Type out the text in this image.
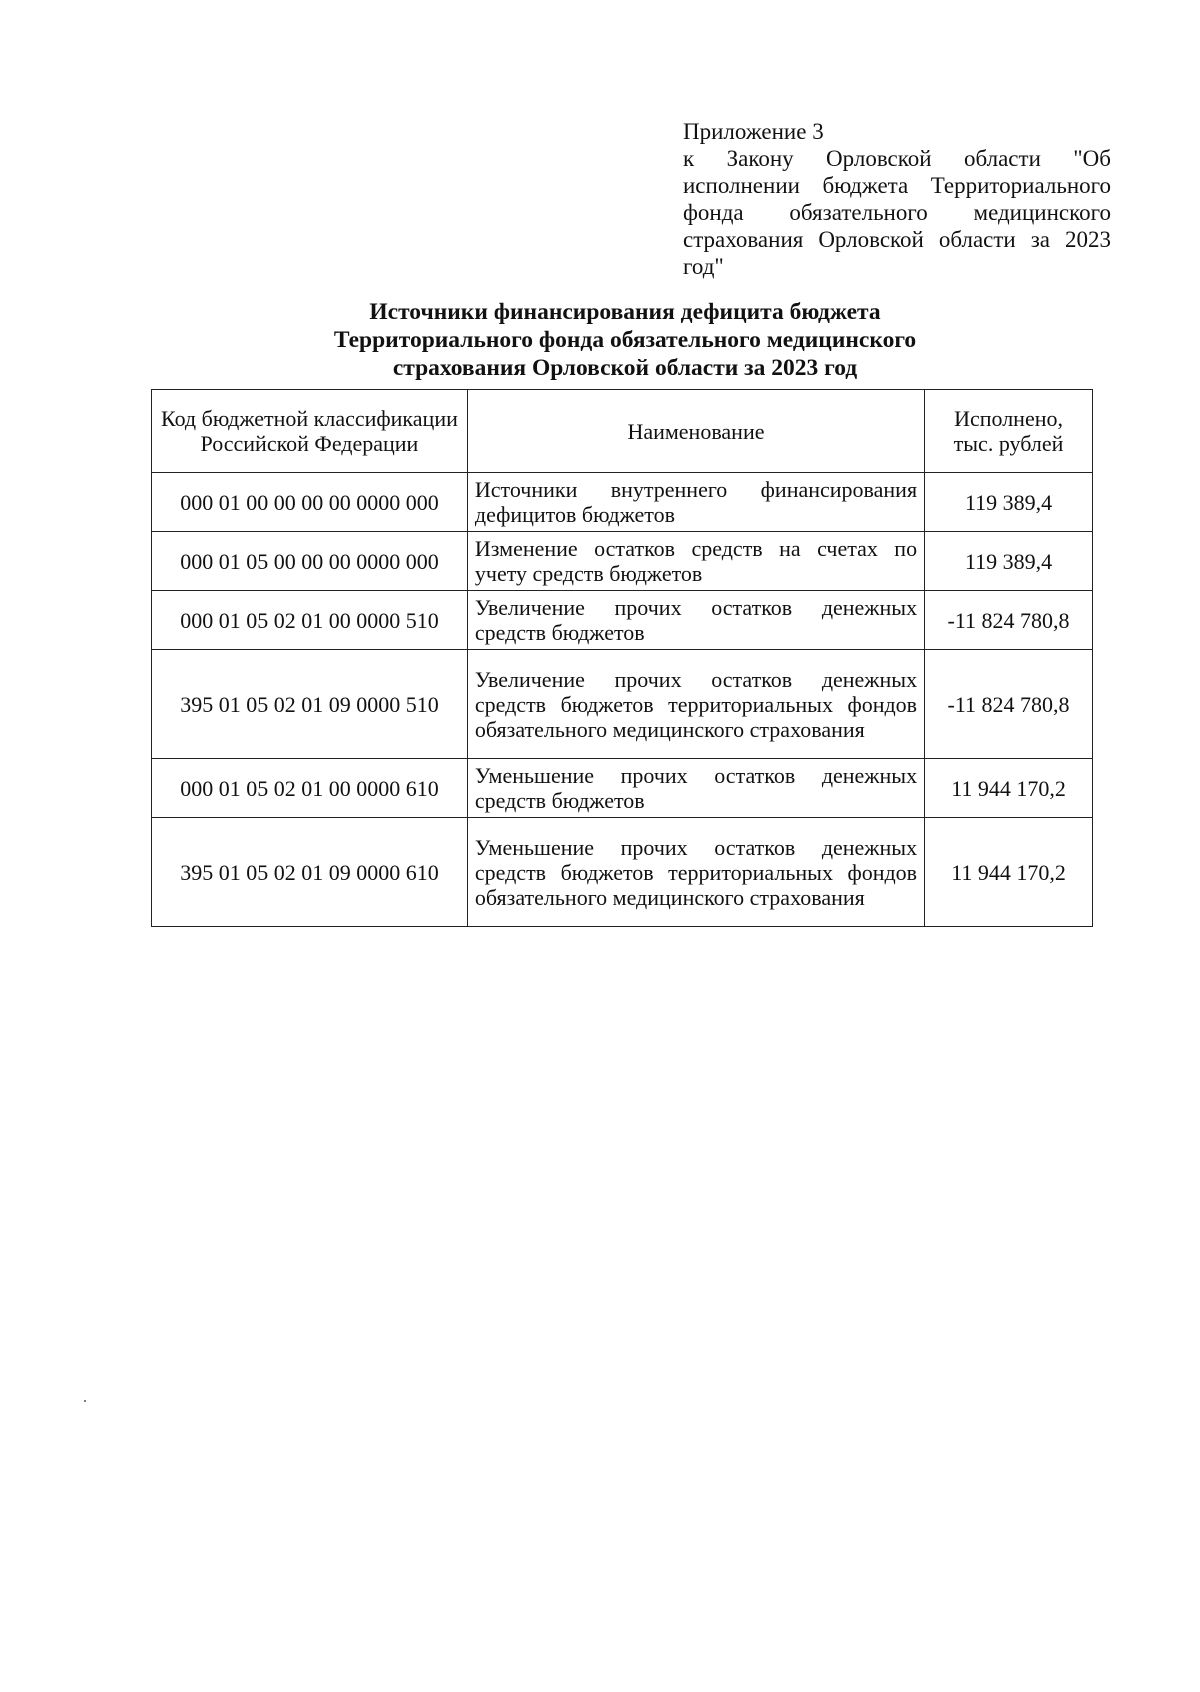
Приложение 3
к Закону Орловской области "Об исполнении бюджета Территориального фонда обязательного медицинского страхования Орловской области за 2023 год"
Источники финансирования дефицита бюджета
Территориального фонда обязательного медицинского
страхования Орловской области за 2023 год
Код бюджетной классификации Российской Федерации	Наименование	Исполнено, тыс. рублей
000 01 00 00 00 00 0000 000	Источники внутреннего финансирования дефицитов бюджетов	119 389,4
000 01 05 00 00 00 0000 000	Изменение остатков средств на счетах по учету средств бюджетов	119 389,4
000 01 05 02 01 00 0000 510	Увеличение прочих остатков денежных средств бюджетов	-11 824 780,8
395 01 05 02 01 09 0000 510	Увеличение прочих остатков денежных средств бюджетов территориальных фондов обязательного медицинского страхования	-11 824 780,8
000 01 05 02 01 00 0000 610	Уменьшение прочих остатков денежных средств бюджетов	11 944 170,2
395 01 05 02 01 09 0000 610	Уменьшение прочих остатков денежных средств бюджетов территориальных фондов обязательного медицинского страхования	11 944 170,2
